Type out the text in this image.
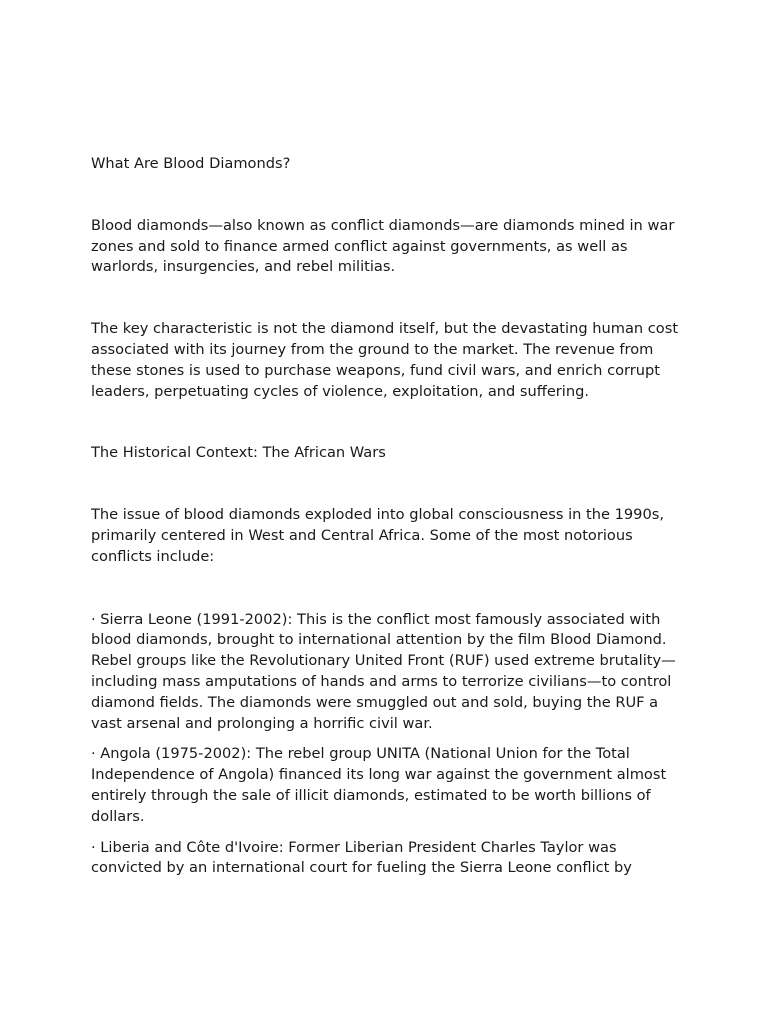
What Are Blood Diamonds?

Blood diamonds—also known as conflict diamonds—are diamonds mined in war zones and sold to finance armed conflict against governments, as well as warlords, insurgencies, and rebel militias.

The key characteristic is not the diamond itself, but the devastating human cost associated with its journey from the ground to the market. The revenue from these stones is used to purchase weapons, fund civil wars, and enrich corrupt leaders, perpetuating cycles of violence, exploitation, and suffering.

The Historical Context: The African Wars

The issue of blood diamonds exploded into global consciousness in the 1990s, primarily centered in West and Central Africa. Some of the most notorious conflicts include:

· Sierra Leone (1991-2002): This is the conflict most famously associated with blood diamonds, brought to international attention by the film Blood Diamond. Rebel groups like the Revolutionary United Front (RUF) used extreme brutality—including mass amputations of hands and arms to terrorize civilians—to control diamond fields. The diamonds were smuggled out and sold, buying the RUF a vast arsenal and prolonging a horrific civil war.

· Angola (1975-2002): The rebel group UNITA (National Union for the Total Independence of Angola) financed its long war against the government almost entirely through the sale of illicit diamonds, estimated to be worth billions of dollars.

· Liberia and Côte d'Ivoire: Former Liberian President Charles Taylor was convicted by an international court for fueling the Sierra Leone conflict by
